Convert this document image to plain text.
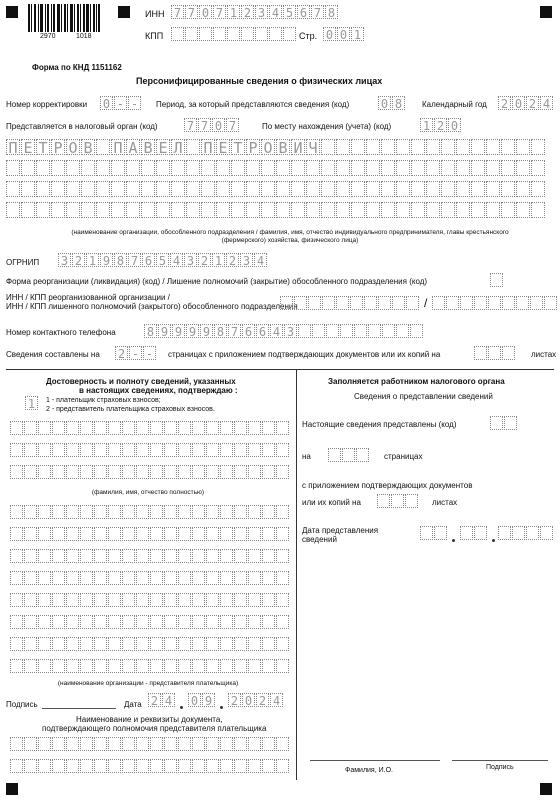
2970	1018
ИНН 7 7 0 7 1 2 3 4 5 6 7 8
КПП	Стр. 0 0 1
Форма по КНД 1151162
Персонифицированные сведения о физических лицах
Номер корректировки 0 - -	Период, за который представляются сведения (код)	0 8	Календарный год 2 0 2 4
Представляется в налоговый орган (код) 7 7 0 7	По месту нахождения (учета) (код)	1 2 0
П Е Т Р О В П А В Е Л П Е Т Р О В И Ч
(наименование организации, обособленного подразделения / фамилия, имя, отчество индивидуального предпринимателя, главы крестьянского (фермерского) хозяйства, физического лица)
ОГРНИП 3 2 1 9 8 7 6 5 4 3 2 1 2 3 4
Форма реорганизации (ликвидация) (код) / Лишение полномочий (закрытие) обособленного подразделения (код)
ИНН / КПП реорганизованной организации /
ИНН / КПП лишенного полномочий (закрытого) обособленного подразделения	/
Номер контактного телефона	8 9 9 9 9 8 7 6 6 4 3
Сведения составлены на 2 - -	страницах с приложением подтверждающих документов или их копий на	листах
Достоверность и полноту сведений, указанных
в настоящих сведениях, подтверждаю :
1	1 - плательщик страховых взносов;
2 - представитель плательщика страховых взносов.
(фамилия, имя, отчество полностью)
(наименование организации - представителя плательщика)
Подпись	Дата 2 4 0 9 2 0 2 4
Наименование и реквизиты документа,
подтверждающего полномочия представителя плательщика
Заполняется работником налогового органа
Сведения о представлении сведений
Настоящие сведения представлены (код)
на	страницах
с приложением подтверждающих документов
или их копий на	листах
Дата представления
сведений
Фамилия, И.О.	Подпись
